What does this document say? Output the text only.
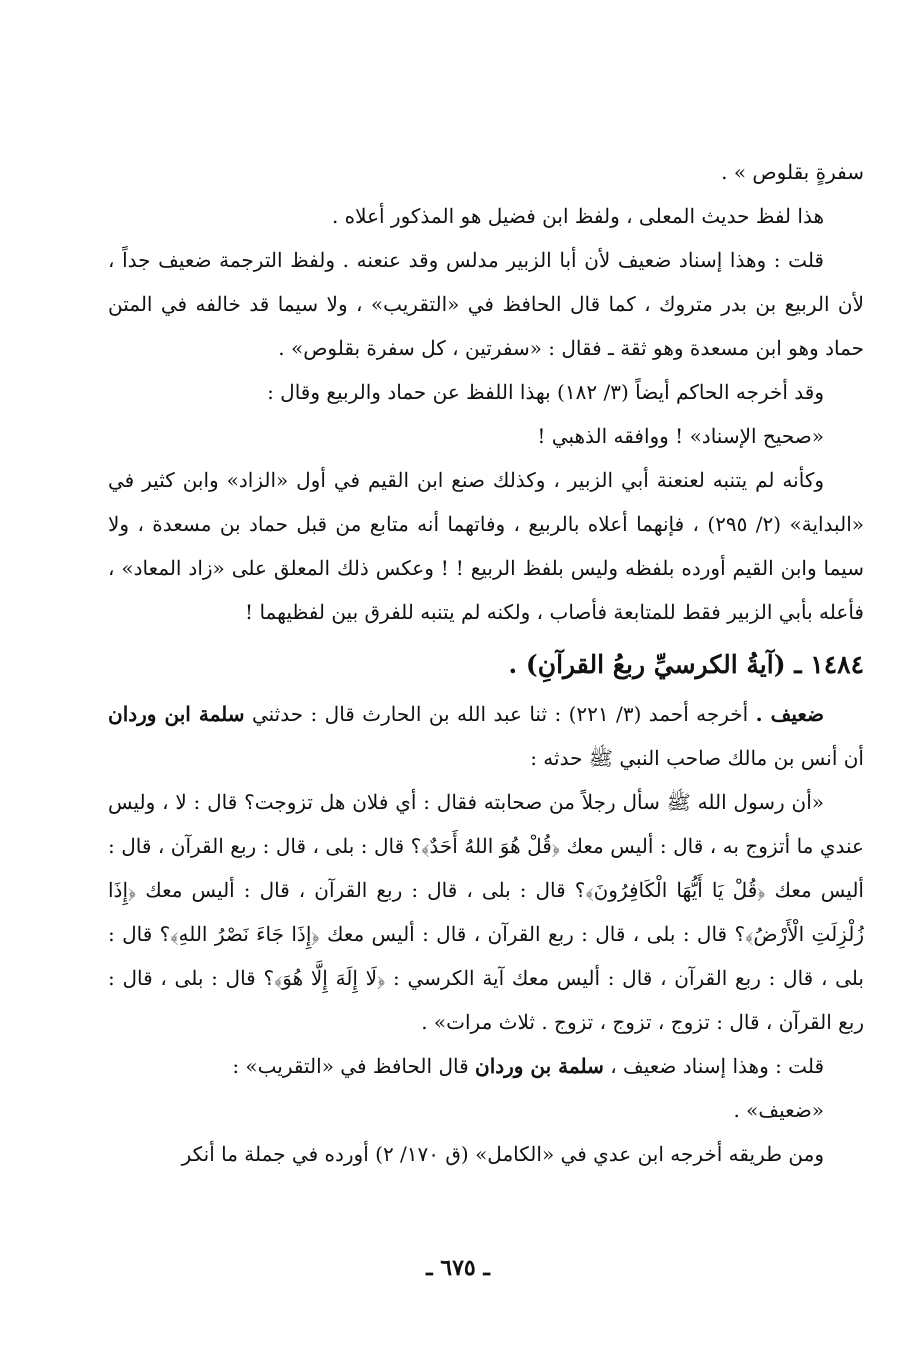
سفرةٍ بقلوص » .

هذا لفظ حديث المعلى ، ولفظ ابن فضيل هو المذكور أعلاه .

قلت : وهذا إسناد ضعيف لأن أبا الزبير مدلس وقد عنعنه . ولفظ الترجمة ضعيف جداً ، لأن الربيع بن بدر متروك ، كما قال الحافظ في «التقريب» ، ولا سيما قد خالفه في المتن حماد وهو ابن مسعدة وهو ثقة ـ فقال : «سفرتين ، كل سفرة بقلوص» .

وقد أخرجه الحاكم أيضاً (٣/ ١٨٢) بهذا اللفظ عن حماد والربيع وقال :

«صحيح الإسناد» ! ووافقه الذهبي !

وكأنه لم يتنبه لعنعنة أبي الزبير ، وكذلك صنع ابن القيم في أول «الزاد» وابن كثير في «البداية» (٢/ ٢٩٥) ، فإنهما أعلاه بالربيع ، وفاتهما أنه متابع من قبل حماد بن مسعدة ، ولا سيما وابن القيم أورده بلفظه وليس بلفظ الربيع ! ! وعكس ذلك المعلق على «زاد المعاد» ، فأعله بأبي الزبير فقط للمتابعة فأصاب ، ولكنه لم يتنبه للفرق بين لفظيهما !

١٤٨٤ ـ (آيةُ الكرسيِّ ربعُ القرآنِ) .

ضعيف . أخرجه أحمد (٣/ ٢٢١) : ثنا عبد الله بن الحارث قال : حدثني سلمة ابن وردان أن أنس بن مالك صاحب النبي ﷺ حدثه :

«أن رسول الله ﷺ سأل رجلاً من صحابته فقال : أي فلان هل تزوجت؟ قال : لا ، وليس عندي ما أتزوج به ، قال : أليس معك ﴿قُلْ هُوَ اللهُ أَحَدٌ﴾؟ قال : بلى ، قال : ربع القرآن ، قال : أليس معك ﴿قُلْ يَا أَيُّهَا الْكَافِرُونَ﴾؟ قال : بلى ، قال : ربع القرآن ، قال : أليس معك ﴿إِذَا زُلْزِلَتِ الْأَرْضُ﴾؟ قال : بلى ، قال : ربع القرآن ، قال : أليس معك ﴿إِذَا جَاءَ نَصْرُ اللهِ﴾؟ قال : بلى ، قال : ربع القرآن ، قال : أليس معك آية الكرسي : ﴿لَا إِلَهَ إِلَّا هُوَ﴾؟ قال : بلى ، قال : ربع القرآن ، قال : تزوج ، تزوج ، تزوج . ثلاث مرات» .

قلت : وهذا إسناد ضعيف ، سلمة بن وردان قال الحافظ في «التقريب» :

«ضعيف» .

ومن طريقه أخرجه ابن عدي في «الكامل» (ق ١٧٠/ ٢) أورده في جملة ما أنكر

ـ ٦٧٥ ـ
